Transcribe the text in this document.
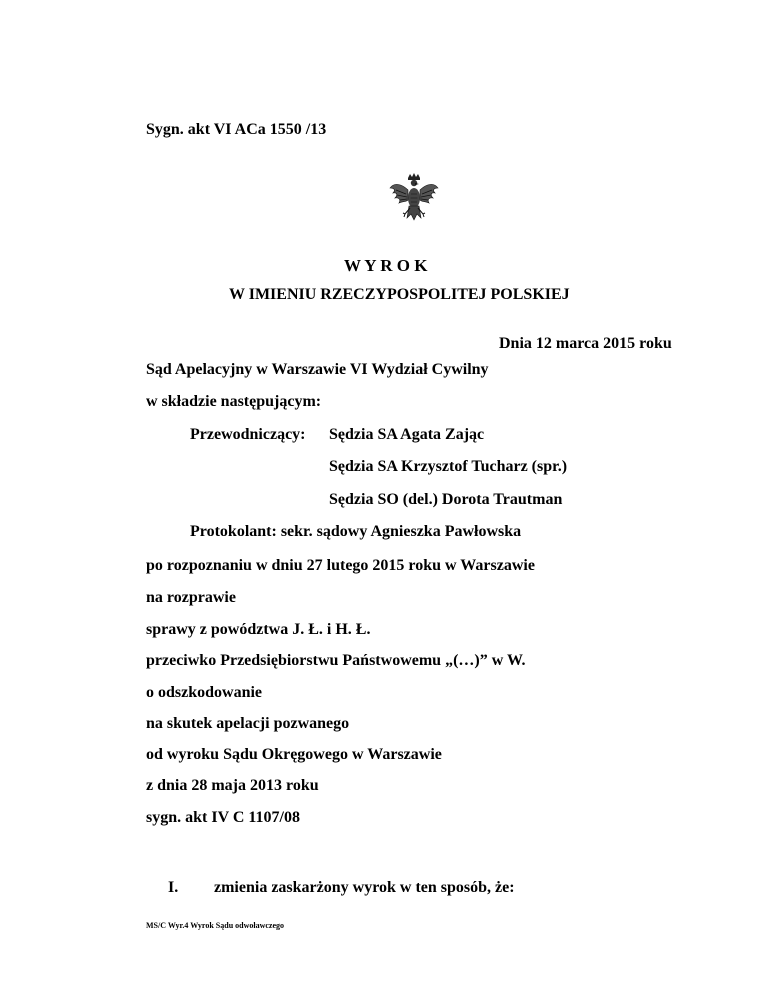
Sygn. akt VI ACa 1550 /13
W Y R O K
W IMIENIU RZECZYPOSPOLITEJ POLSKIEJ
Dnia 12 marca 2015 roku
Sąd Apelacyjny w Warszawie VI Wydział Cywilny
w składzie następującym:
Przewodniczący: Sędzia SA Agata Zając
Sędzia SA Krzysztof Tucharz (spr.)
Sędzia SO (del.) Dorota Trautman
Protokolant: sekr. sądowy Agnieszka Pawłowska
po rozpoznaniu w dniu 27 lutego 2015 roku w Warszawie
na rozprawie
sprawy z powództwa J. Ł. i H. Ł.
przeciwko Przedsiębiorstwu Państwowemu „(…)” w W.
o odszkodowanie
na skutek apelacji pozwanego
od wyroku Sądu Okręgowego w Warszawie
z dnia 28 maja 2013 roku
sygn. akt IV C 1107/08
I. zmienia zaskarżony wyrok w ten sposób, że:
MS/C Wyr.4 Wyrok Sądu odwoławczego
